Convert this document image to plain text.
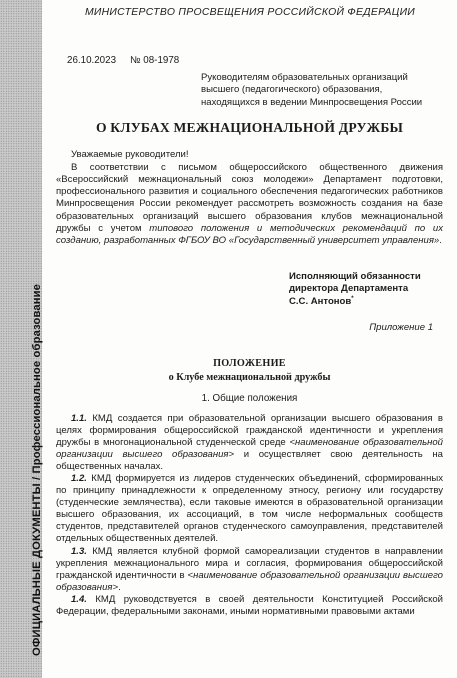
ОФИЦИАЛЬНЫЕ ДОКУМЕНТЫ / Профессиональное образование
МИНИСТЕРСТВО ПРОСВЕЩЕНИЯ РОССИЙСКОЙ ФЕДЕРАЦИИ
26.10.2023 № 08-1978
Руководителям образовательных организаций
высшего (педагогического) образования,
находящихся в ведении Минпросвещения России
О КЛУБАХ МЕЖНАЦИОНАЛЬНОЙ ДРУЖБЫ
Уважаемые руководители!

В соответствии с письмом общероссийского общественного движения «Всероссийский межнациональный союз молодежи» Департамент подготовки, профессионального развития и социального обеспечения педагогических работников Минпросвещения России рекомендует рассмотреть возможность создания на базе образовательных организаций высшего образования клубов межнациональной дружбы с учетом типового положения и методических рекомендаций по их созданию, разработанных ФГБОУ ВО «Государственный университет управления».

Исполняющий обязанности
директора Департамента
С.С. Антонов*
Приложение 1
ПОЛОЖЕНИЕ
о Клубе межнациональной дружбы
1. Общие положения

1.1. КМД создается при образовательной организации высшего образования в целях формирования общероссийской гражданской идентичности и укрепления дружбы в многонациональной студенческой среде <наименование образовательной организации высшего образования> и осуществляет свою деятельность на общественных началах.

1.2. КМД формируется из лидеров студенческих объединений, сформированных по принципу принадлежности к определенному этносу, региону или государству (студенческие землячества), если таковые имеются в образовательной организации высшего образования, их ассоциаций, в том числе неформальных сообществ студентов, представителей органов студенческого самоуправления, представителей отдельных общественных деятелей.

1.3. КМД является клубной формой самореализации студентов в направлении укрепления межнационального мира и согласия, формирования общероссийской гражданской идентичности в <наименование образовательной организации высшего образования>.

1.4. КМД руководствуется в своей деятельности Конституцией Российской Федерации, федеральными законами, иными нормативными правовыми актами
